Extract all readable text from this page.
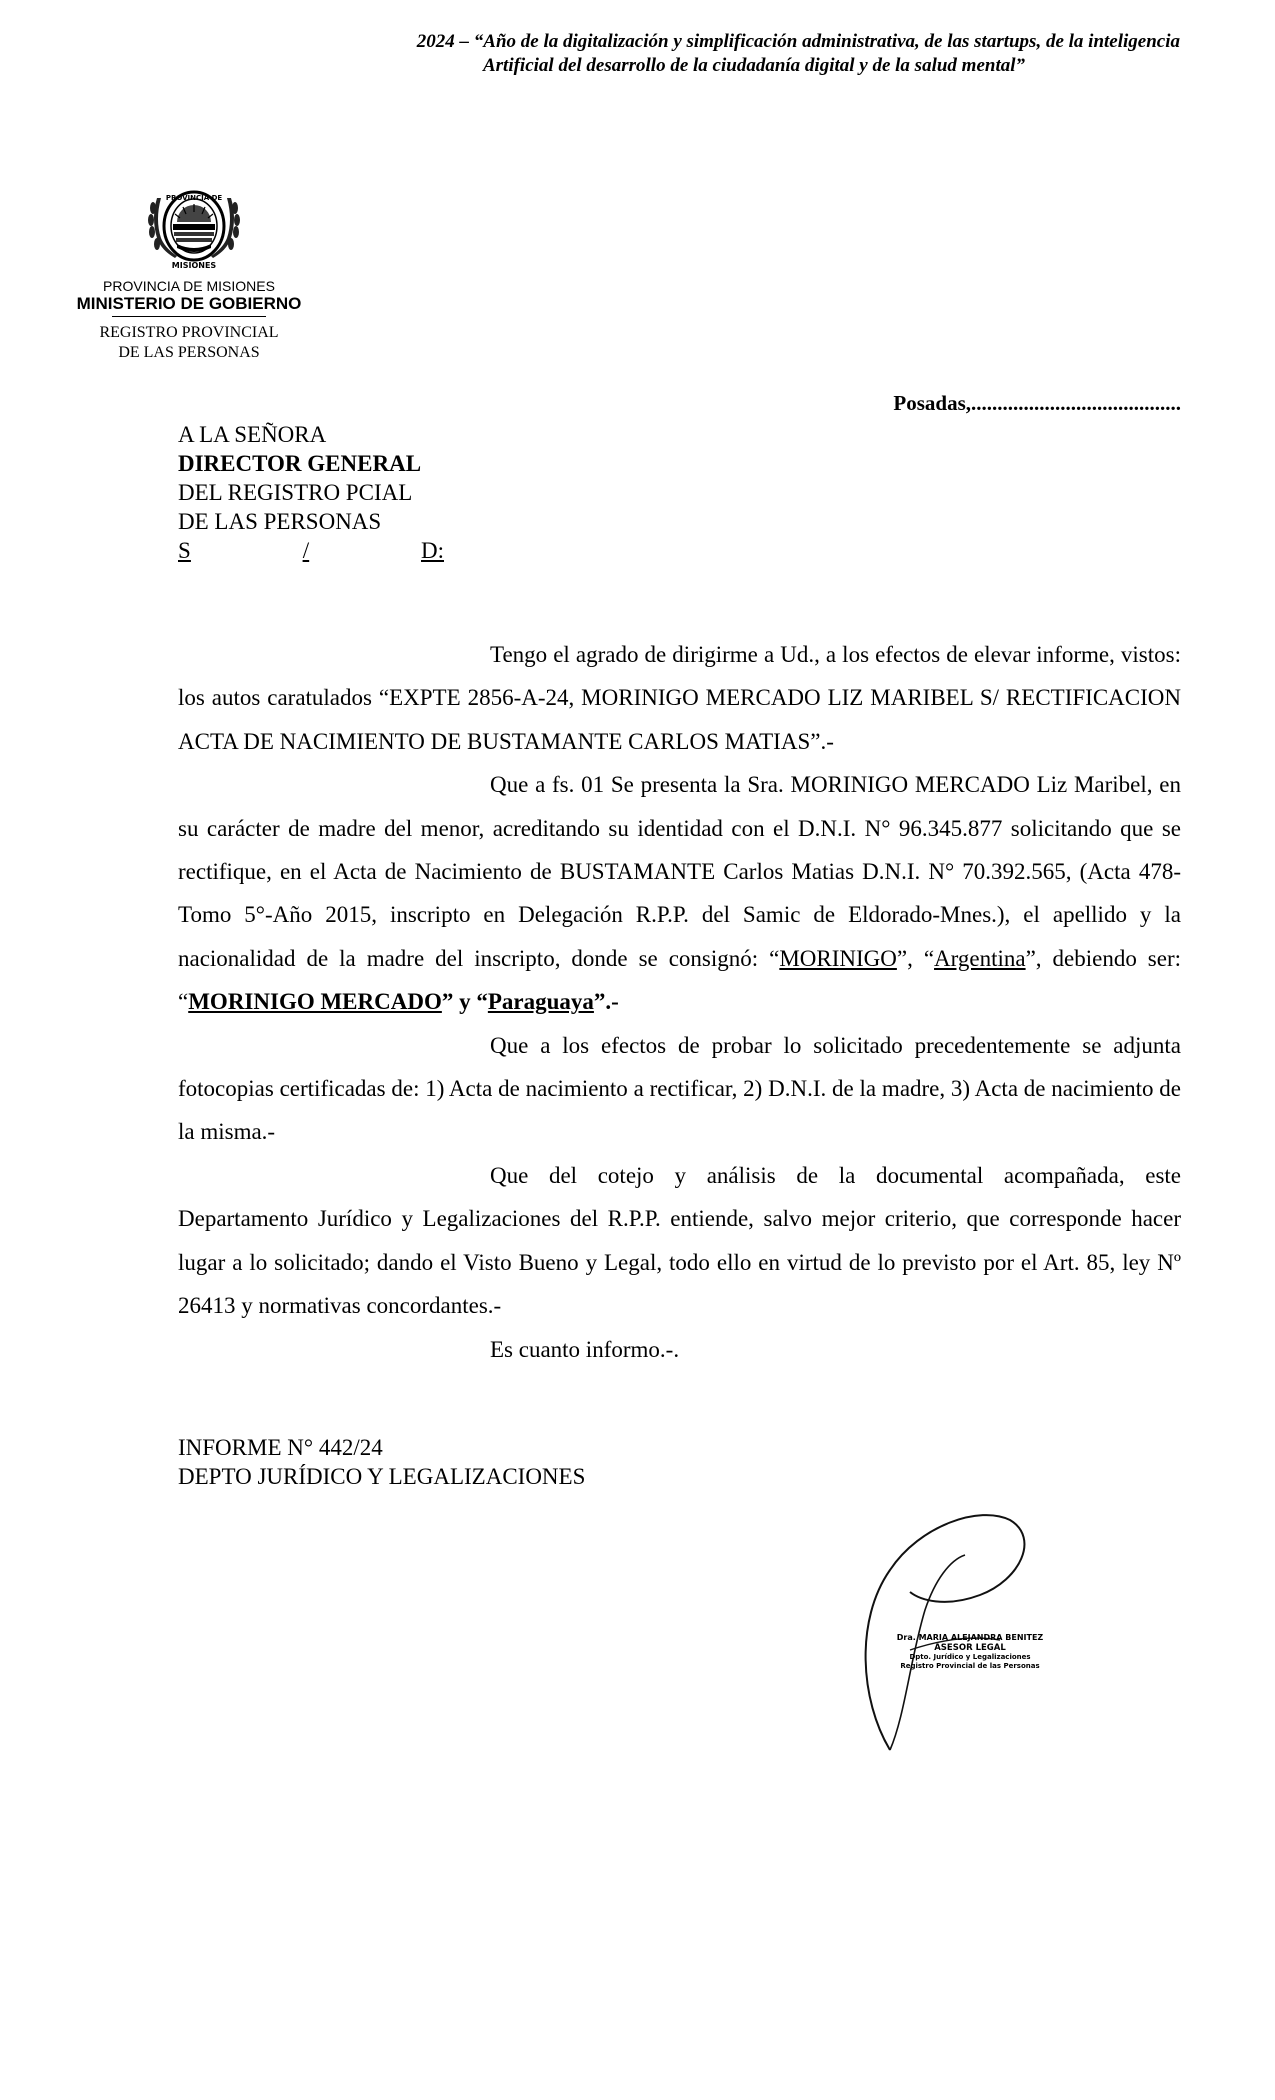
2024 – “Año de la digitalización y simplificación administrativa, de las startups, de la inteligencia
Artificial del desarrollo de la ciudadanía digital y de la salud mental”
PROVINCIA DE
MISIONES
PROVINCIA DE MISIONES
MINISTERIO DE GOBIERNO
REGISTRO PROVINCIAL
DE LAS PERSONAS
Posadas,........................................
A LA SEÑORA
DIRECTOR GENERAL
DEL REGISTRO PCIAL
DE LAS PERSONAS
S	/	D:

Tengo el agrado de dirigirme a Ud., a los efectos de elevar informe, vistos: los autos caratulados “EXPTE 2856-A-24, MORINIGO MERCADO LIZ MARIBEL S/ RECTIFICACION ACTA DE NACIMIENTO DE BUSTAMANTE CARLOS MATIAS”.-

Que a fs. 01 Se presenta la Sra. MORINIGO MERCADO Liz Maribel, en su carácter de madre del menor, acreditando su identidad con el D.N.I. N° 96.345.877 solicitando que se rectifique, en el Acta de Nacimiento de BUSTAMANTE Carlos Matias D.N.I. N° 70.392.565, (Acta 478-Tomo 5°-Año 2015, inscripto en Delegación R.P.P. del Samic de Eldorado-Mnes.), el apellido y la nacionalidad de la madre del inscripto, donde se consignó: “MORINIGO”, “Argentina”, debiendo ser: “MORINIGO MERCADO” y “Paraguaya”.-

Que a los efectos de probar lo solicitado precedentemente se adjunta fotocopias certificadas de: 1) Acta de nacimiento a rectificar, 2) D.N.I. de la madre, 3) Acta de nacimiento de la misma.-

Que del cotejo y análisis de la documental acompañada, este Departamento Jurídico y Legalizaciones del R.P.P. entiende, salvo mejor criterio, que corresponde hacer lugar a lo solicitado; dando el Visto Bueno y Legal, todo ello en virtud de lo previsto por el Art. 85, ley Nº 26413 y normativas concordantes.-

Es cuanto informo.-.

INFORME N° 442/24
DEPTO JURÍDICO Y LEGALIZACIONES
Dra. MARIA ALEJANDRA BENITEZ
ASESOR LEGAL
Dpto. Jurídico y Legalizaciones
Registro Provincial de las Personas
